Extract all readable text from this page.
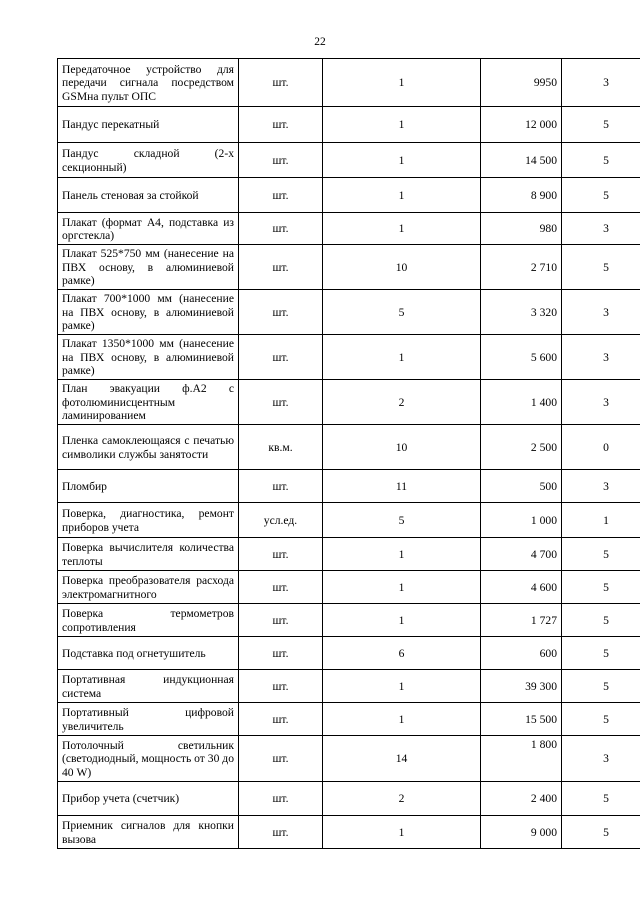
22
Передаточное устройство для передачи сигнала посредством GSMна пульт ОПС	шт.	1	9950	3
Пандус перекатный	шт.	1	12 000	5
Пандус складной (2-х секционный)	шт.	1	14 500	5
Панель стеновая за стойкой	шт.	1	8 900	5
Плакат (формат А4, подставка из оргстекла)	шт.	1	980	3
Плакат 525*750 мм (нанесение на ПВХ основу, в алюминиевой рамке)	шт.	10	2 710	5
Плакат 700*1000 мм (нанесение на ПВХ основу, в алюминиевой рамке)	шт.	5	3 320	3
Плакат 1350*1000 мм (нанесение на ПВХ основу, в алюминиевой рамке)	шт.	1	5 600	3
План эвакуации ф.А2 с фотолюминисцентным ламинированием	шт.	2	1 400	3
Пленка самоклеющаяся с печатью символики службы занятости	кв.м.	10	2 500	0
Пломбир	шт.	11	500	3
Поверка, диагностика, ремонт приборов учета	усл.ед.	5	1 000	1
Поверка вычислителя количества теплоты	шт.	1	4 700	5
Поверка преобразователя расхода электромагнитного	шт.	1	4 600	5
Поверка термометров сопротивления	шт.	1	1 727	5
Подставка под огнетушитель	шт.	6	600	5
Портативная индукционная система	шт.	1	39 300	5
Портативный цифровой увеличитель	шт.	1	15 500	5
Потолочный светильник (светодиодный, мощность от 30 до 40 W)	шт.	14	1 800	3
Прибор учета (счетчик)	шт.	2	2 400	5
Приемник сигналов для кнопки вызова	шт.	1	9 000	5
